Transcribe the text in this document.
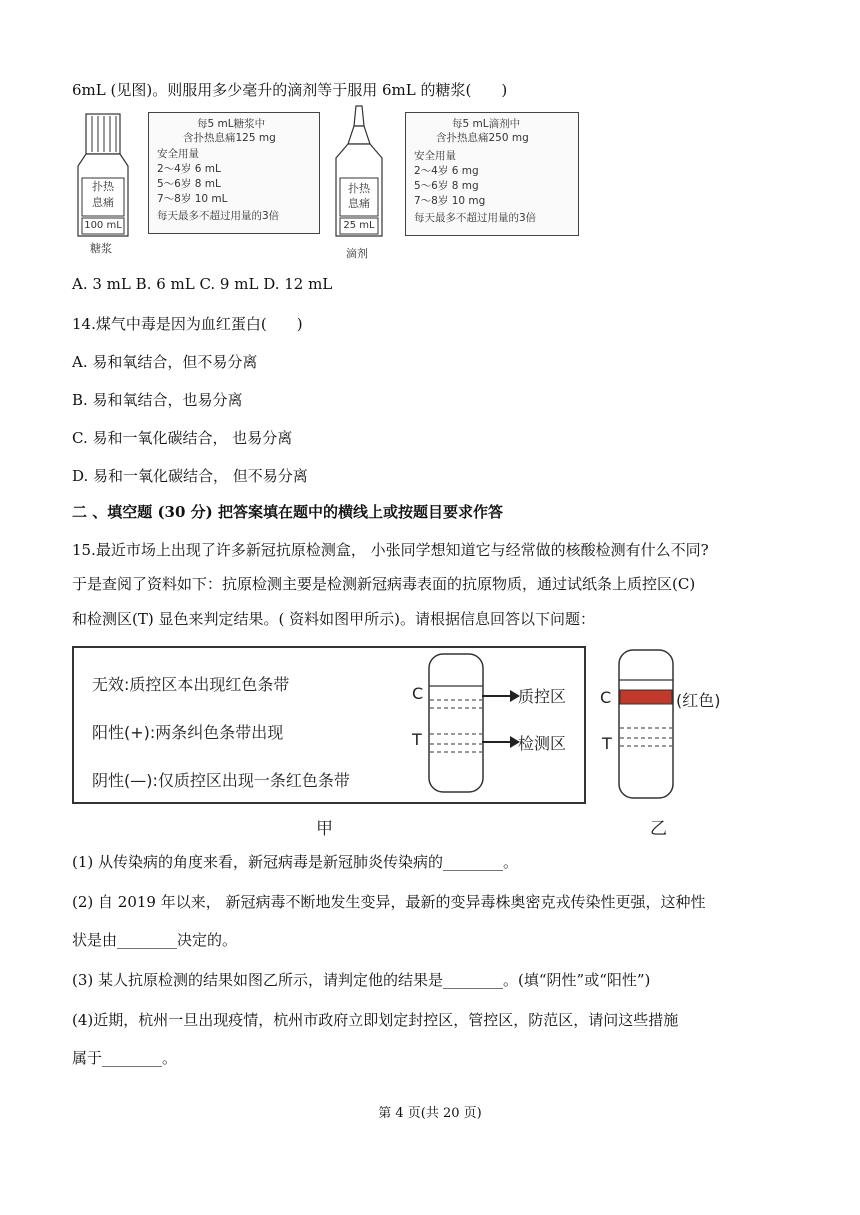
6mL (见图)。则服用多少毫升的滴剂等于服用 6mL 的糖浆(　　)
扑热
息痛
100 mL
糖浆
每5 mL糖浆中
含扑热息痛125 mg
安全用量
2～4岁 6 mL
5～6岁 8 mL
7～8岁 10 mL
每天最多不超过用量的3倍
扑热
息痛
25 mL
滴剂
每5 mL滴剂中
含扑热息痛250 mg
安全用量
2～4岁 6 mg
5～6岁 8 mg
7～8岁 10 mg
每天最多不超过用量的3倍
A. 3 mL B. 6 mL C. 9 mL D. 12 mL
14.煤气中毒是因为血红蛋白(　　)
A. 易和氧结合，但不易分离
B. 易和氧结合，也易分离
C. 易和一氧化碳结合， 也易分离
D. 易和一氧化碳结合， 但不易分离
二 、填空题 (30 分) 把答案填在题中的横线上或按题目要求作答
15.最近市场上出现了许多新冠抗原检测盒， 小张同学想知道它与经常做的核酸检测有什么不同?
于是查阅了资料如下：抗原检测主要是检测新冠病毒表面的抗原物质，通过试纸条上质控区(C)
和检测区(T) 显色来判定结果。( 资料如图甲所示)。请根据信息回答以下问题：
无效:质控区本出现红色条带
阳性(+):两条纠色条带出现
阴性(—):仅质控区出现一条红色条带
C
T
质控区
检测区
甲
C
T
(红色)
乙
(1) 从传染病的角度来看，新冠病毒是新冠肺炎传染病的________。
(2) 自 2019 年以来， 新冠病毒不断地发生变异，最新的变异毒株奥密克戎传染性更强，这种性
状是由________决定的。
(3) 某人抗原检测的结果如图乙所示，请判定他的结果是________。(填“阴性”或“阳性”)
(4)近期，杭州一旦出现疫情，杭州市政府立即划定封控区，管控区，防范区，请问这些措施
属于________。
第 4 页(共 20 页)
